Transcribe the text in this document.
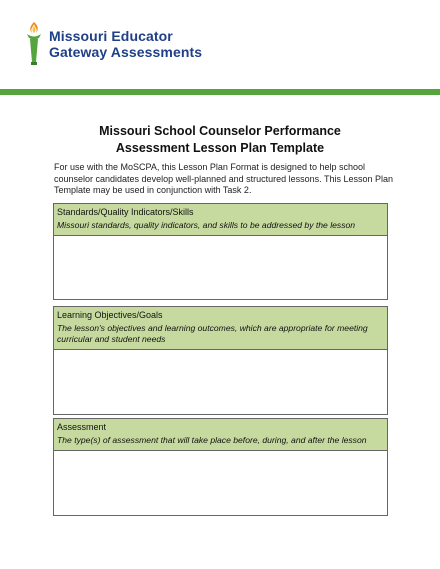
Missouri Educator
Gateway Assessments
Missouri School Counselor Performance
Assessment Lesson Plan Template
For use with the MoSCPA, this Lesson Plan Format is designed to help school
counselor candidates develop well-planned and structured lessons. This Lesson Plan
Template may be used in conjunction with Task 2.
Standards/Quality Indicators/Skills
Missouri standards, quality indicators, and skills to be addressed by the lesson
Learning Objectives/Goals
The lesson's objectives and learning outcomes, which are appropriate for meeting
curricular and student needs
Assessment
The type(s) of assessment that will take place before, during, and after the lesson
